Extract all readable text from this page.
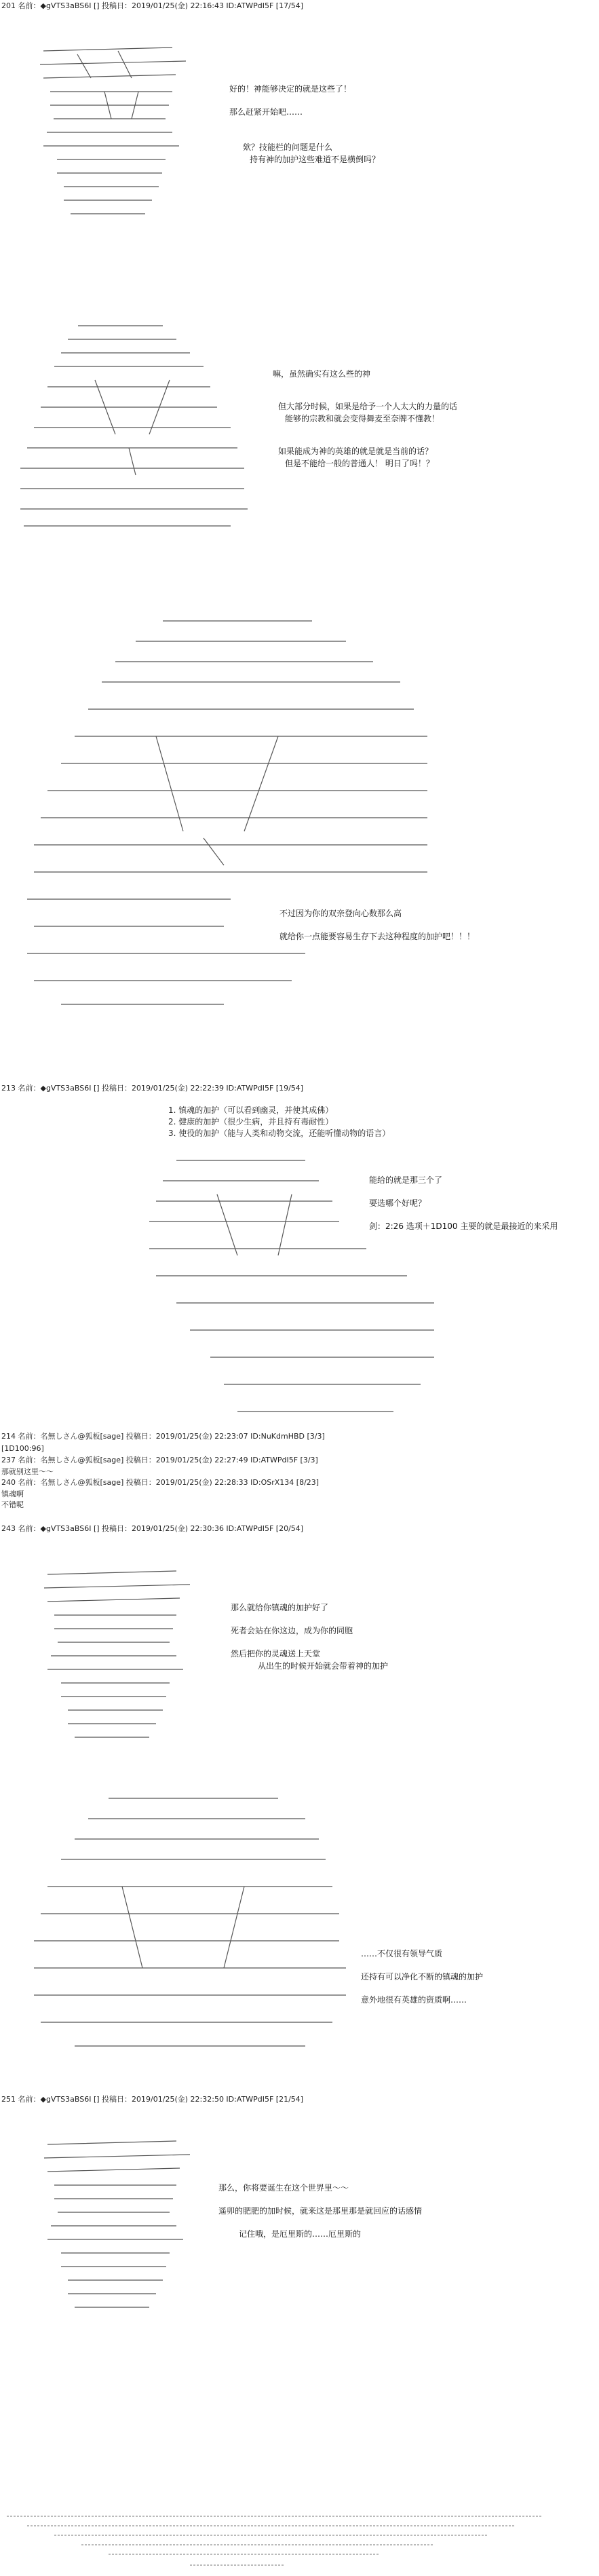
201 名前：◆gVTS3aBS6I [] 投稿日：2019/01/25(金) 22:16:43 ID:ATWPdI5F [17/54]
好的！神能够决定的就是这些了！
那么赶紧开始吧……
欸？技能栏的问题是什么
持有神的加护这些难道不是横倒吗？
嘛，虽然确实有这么些的神
但大部分时候，如果是给予一个人太大的力量的话
能够的宗教和就会变得舞麦至奈牌不懂教！
如果能成为神的英雄的就是就是当前的话？
但是不能给一般的普通人！ 明日了吗！？
不过因为你的双亲登向心数那么高
就给你一点能要容易生存下去这种程度的加护吧！！！
213 名前：◆gVTS3aBS6I [] 投稿日：2019/01/25(金) 22:22:39 ID:ATWPdI5F [19/54]
1. 镇魂的加护（可以看到幽灵，并使其成佛）
2. 健康的加护（很少生病，并且持有毒耐性）
3. 使役的加护（能与人类和动物交流，还能听懂动物的语言）
能给的就是那三个了
要选哪个好呢？
剑：2:26 选项＋1D100 主要的就是最接近的来采用
214 名前：名無しさん@狐板[sage] 投稿日：2019/01/25(金) 22:23:07 ID:NuKdmHBD [3/3]
[1D100:96]
237 名前：名無しさん@狐板[sage] 投稿日：2019/01/25(金) 22:27:49 ID:ATWPdI5F [3/3]
那就别这里～～
240 名前：名無しさん@狐板[sage] 投稿日：2019/01/25(金) 22:28:33 ID:OSrX134 [8/23]
镇魂啊
不错呢
243 名前：◆gVTS3aBS6I [] 投稿日：2019/01/25(金) 22:30:36 ID:ATWPdI5F [20/54]
那么就给你镇魂的加护好了
死者会站在你这边，成为你的同胞
然后把你的灵魂送上天堂
从出生的时候开始就会带着神的加护
……不仅很有领导气质
还持有可以净化不断的镇魂的加护
意外地很有英雄的资质啊……
251 名前：◆gVTS3aBS6I [] 投稿日：2019/01/25(金) 22:32:50 ID:ATWPdI5F [21/54]
那么，你将要诞生在这个世界里～～
遥卯的肥肥的加时候，就来这是那里那是就回应的话感情
记住哦，是厄里斯的……厄里斯的
